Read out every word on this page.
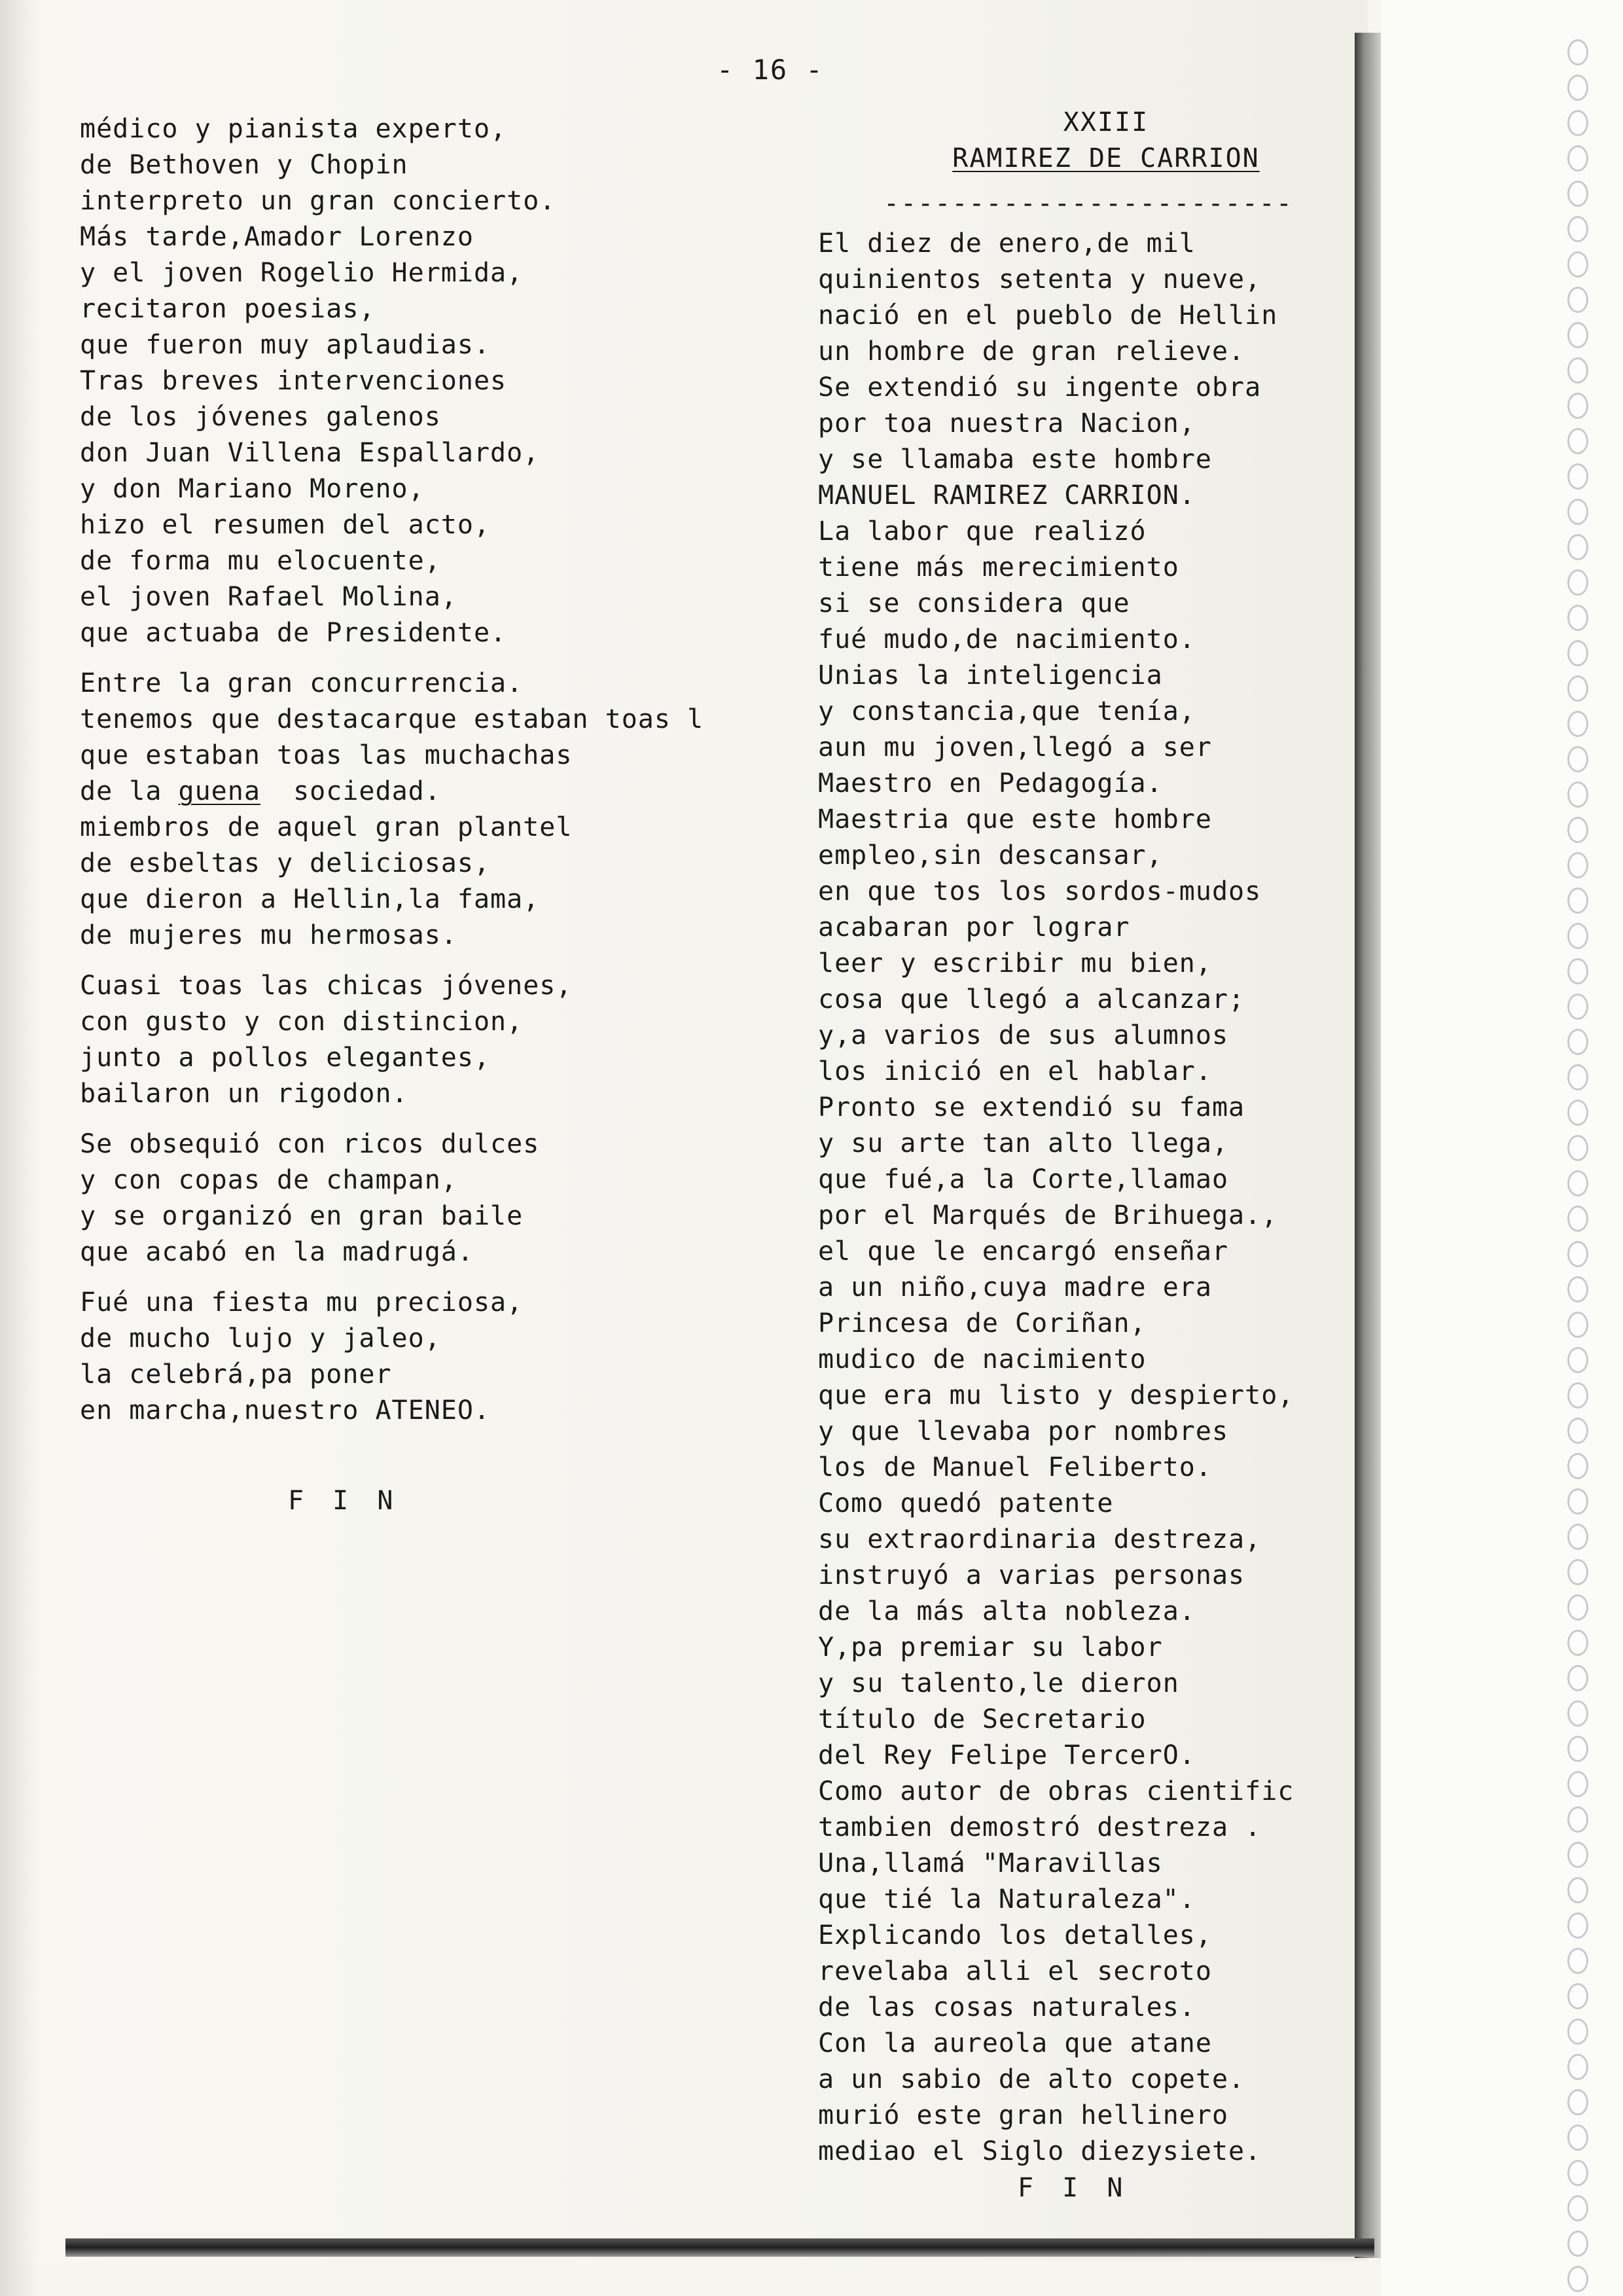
- 16 -
médico y pianista experto,
de Bethoven y Chopin
interpreto un gran concierto.
Más tarde,Amador Lorenzo
y el joven Rogelio Hermida,
recitaron poesias,
que fueron muy aplaudias.
Tras breves intervenciones
de los jóvenes galenos
don Juan Villena Espallardo,
y don Mariano Moreno,
hizo el resumen del acto,
de forma mu elocuente,
el joven Rafael Molina,
que actuaba de Presidente.
Entre la gran concurrencia.
tenemos que destacarque estaban toas l
que estaban toas las muchachas
de la guena  sociedad.
miembros de aquel gran plantel
de esbeltas y deliciosas,
que dieron a Hellin,la fama,
de mujeres mu hermosas.
Cuasi toas las chicas jóvenes,
con gusto y con distincion,
junto a pollos elegantes,
bailaron un rigodon.
Se obsequió con ricos dulces
y con copas de champan,
y se organizó en gran baile
que acabó en la madrugá.
Fué una fiesta mu preciosa,
de mucho lujo y jaleo,
la celebrá,pa poner
en marcha,nuestro ATENEO.
F I N
XXIII
RAMIREZ DE CARRION
------------------------
El diez de enero,de mil
quinientos setenta y nueve,
nació en el pueblo de Hellin
un hombre de gran relieve.
Se extendió su ingente obra
por toa nuestra Nacion,
y se llamaba este hombre
MANUEL RAMIREZ CARRION.
La labor que realizó
tiene más merecimiento
si se considera que
fué mudo,de nacimiento.
Unias la inteligencia
y constancia,que tenía,
aun mu joven,llegó a ser
Maestro en Pedagogía.
Maestria que este hombre
empleo,sin descansar,
en que tos los sordos-mudos
acabaran por lograr
leer y escribir mu bien,
cosa que llegó a alcanzar;
y,a varios de sus alumnos
los inició en el hablar.
Pronto se extendió su fama
y su arte tan alto llega,
que fué,a la Corte,llamao
por el Marqués de Brihuega.,
el que le encargó enseñar
a un niño,cuya madre era
Princesa de Coriñan,
mudico de nacimiento
que era mu listo y despierto,
y que llevaba por nombres
los de Manuel Feliberto.
Como quedó patente
su extraordinaria destreza,
instruyó a varias personas
de la más alta nobleza.
Y,pa premiar su labor
y su talento,le dieron
título de Secretario
del Rey Felipe TercerO.
Como autor de obras cientific
tambien demostró destreza .
Una,llamá "Maravillas
que tié la Naturaleza".
Explicando los detalles,
revelaba alli el secroto
de las cosas naturales.
Con la aureola que atane
a un sabio de alto copete.
murió este gran hellinero
mediao el Siglo diezysiete.
F I N
